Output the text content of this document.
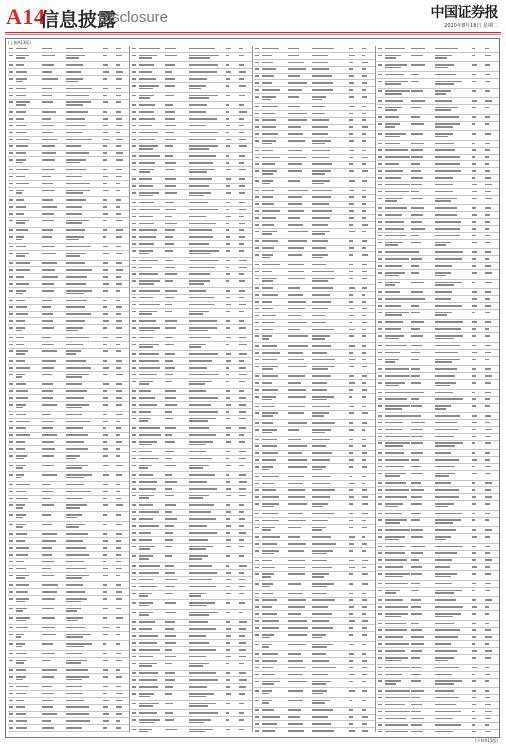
A14
信息披露
Disclosure	中国证券报
2020年8月18日 星期二
(上接A13版)
(下转A15版)
